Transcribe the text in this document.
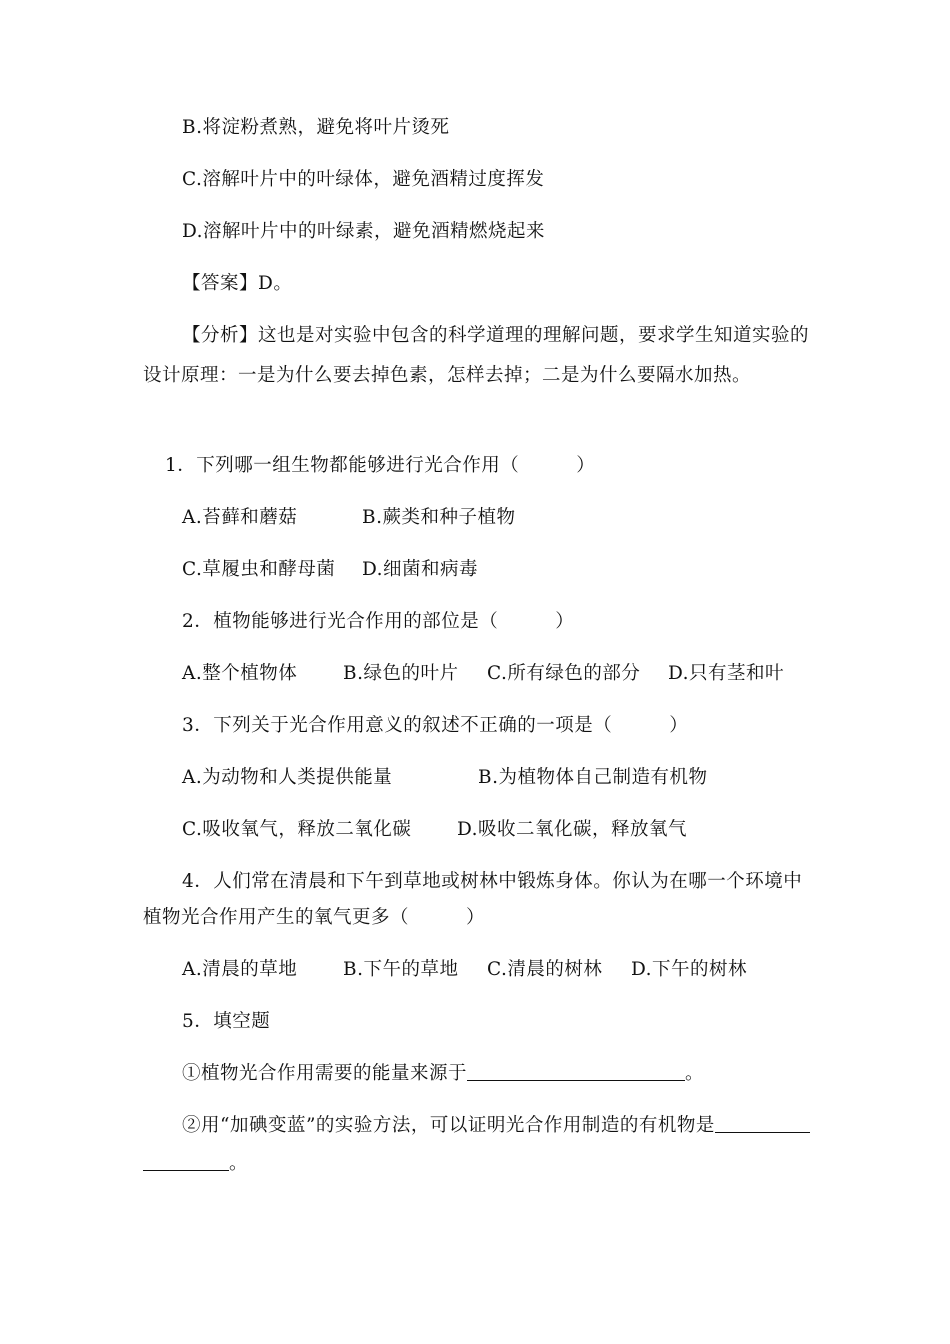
B.将淀粉煮熟，避免将叶片烫死
C.溶解叶片中的叶绿体，避免酒精过度挥发
D.溶解叶片中的叶绿素，避免酒精燃烧起来
【答案】D。
【分析】这也是对实验中包含的科学道理的理解问题，要求学生知道实验的
设计原理：一是为什么要去掉色素，怎样去掉；二是为什么要隔水加热。
1．下列哪一组生物都能够进行光合作用（　　　）
A.苔藓和蘑菇	B.蕨类和种子植物
C.草履虫和酵母菌 D.细菌和病毒
2．植物能够进行光合作用的部位是（　　　）
A.整个植物体 B.绿色的叶片 C.所有绿色的部分 D.只有茎和叶
3．下列关于光合作用意义的叙述不正确的一项是（　　　）
A.为动物和人类提供能量	B.为植物体自己制造有机物
C.吸收氧气，释放二氧化碳 D.吸收二氧化碳，释放氧气
4．人们常在清晨和下午到草地或树林中锻炼身体。你认为在哪一个环境中
植物光合作用产生的氧气更多（　　　）
A.清晨的草地 B.下午的草地 C.清晨的树林 D.下午的树林
5．填空题
①植物光合作用需要的能量来源于	。
②用“加碘变蓝”的实验方法，可以证明光合作用制造的有机物是
。
